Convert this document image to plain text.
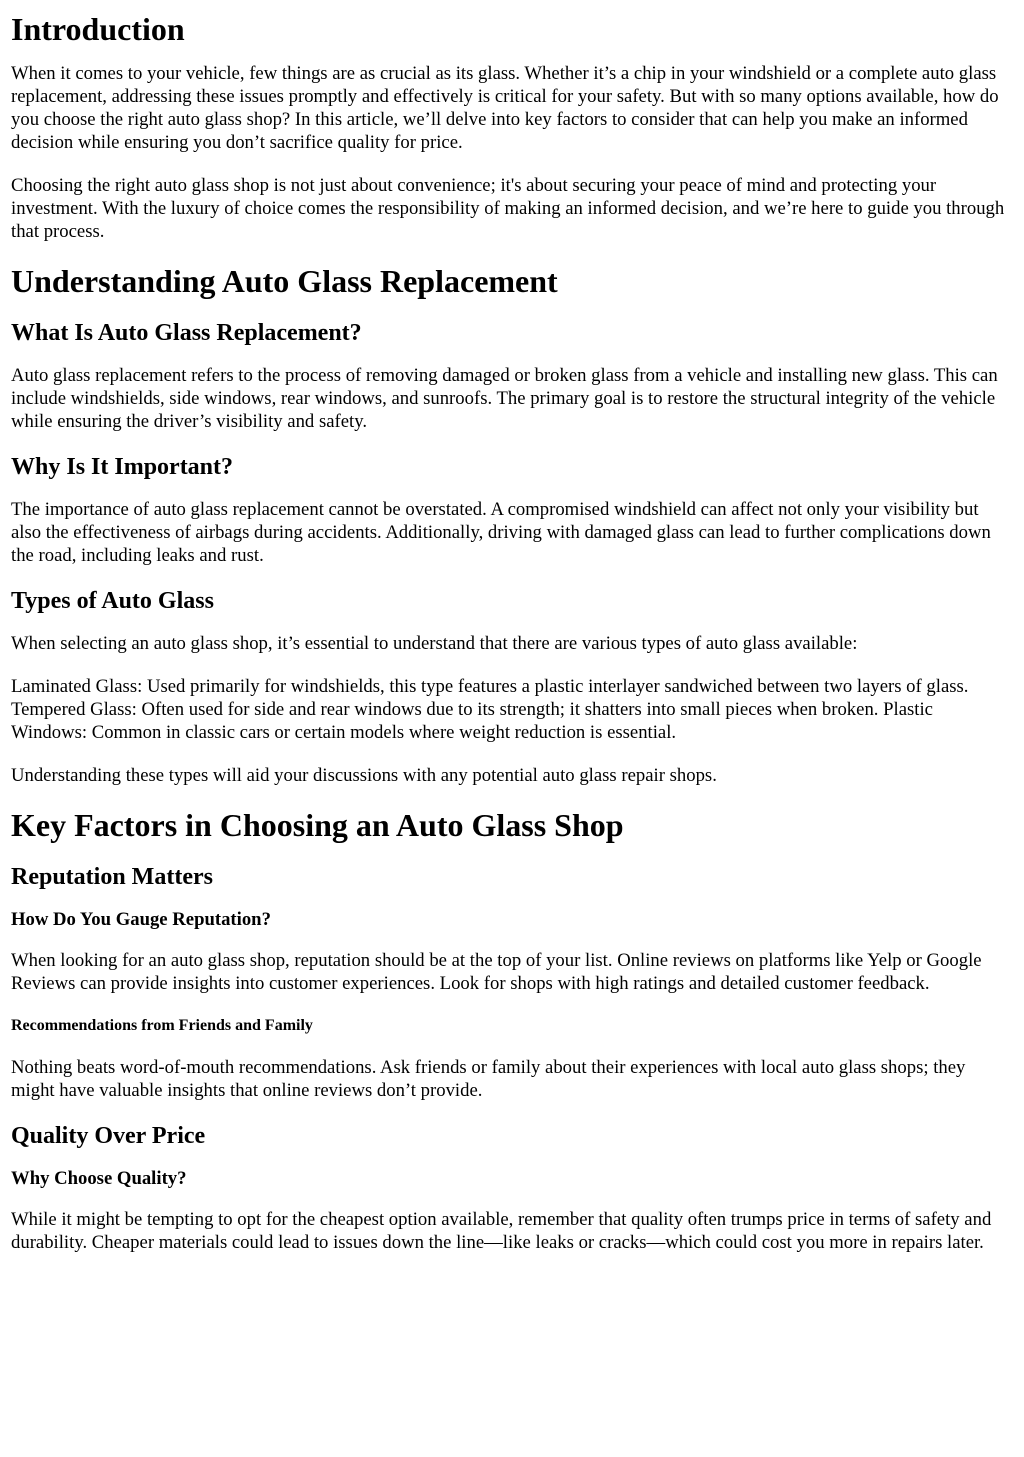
Introduction

When it comes to your vehicle, few things are as crucial as its glass. Whether it’s a chip in your windshield or a complete auto glass replacement, addressing these issues promptly and effectively is critical for your safety. But with so many options available, how do you choose the right auto glass shop? In this article, we’ll delve into key factors to consider that can help you make an informed decision while ensuring you don’t sacrifice quality for price.

Choosing the right auto glass shop is not just about convenience; it's about securing your peace of mind and protecting your investment. With the luxury of choice comes the responsibility of making an informed decision, and we’re here to guide you through that process.

Understanding Auto Glass Replacement
What Is Auto Glass Replacement?

Auto glass replacement refers to the process of removing damaged or broken glass from a vehicle and installing new glass. This can include windshields, side windows, rear windows, and sunroofs. The primary goal is to restore the structural integrity of the vehicle while ensuring the driver’s visibility and safety.

Why Is It Important?

The importance of auto glass replacement cannot be overstated. A compromised windshield can affect not only your visibility but also the effectiveness of airbags during accidents. Additionally, driving with damaged glass can lead to further complications down the road, including leaks and rust.

Types of Auto Glass

When selecting an auto glass shop, it’s essential to understand that there are various types of auto glass available:

Laminated Glass: Used primarily for windshields, this type features a plastic interlayer sandwiched between two layers of glass. Tempered Glass: Often used for side and rear windows due to its strength; it shatters into small pieces when broken. Plastic Windows: Common in classic cars or certain models where weight reduction is essential.

Understanding these types will aid your discussions with any potential auto glass repair shops.

Key Factors in Choosing an Auto Glass Shop
Reputation Matters
How Do You Gauge Reputation?

When looking for an auto glass shop, reputation should be at the top of your list. Online reviews on platforms like Yelp or Google Reviews can provide insights into customer experiences. Look for shops with high ratings and detailed customer feedback.

Recommendations from Friends and Family

Nothing beats word-of-mouth recommendations. Ask friends or family about their experiences with local auto glass shops; they might have valuable insights that online reviews don’t provide.

Quality Over Price
Why Choose Quality?

While it might be tempting to opt for the cheapest option available, remember that quality often trumps price in terms of safety and durability. Cheaper materials could lead to issues down the line—like leaks or cracks—which could cost you more in repairs later.
